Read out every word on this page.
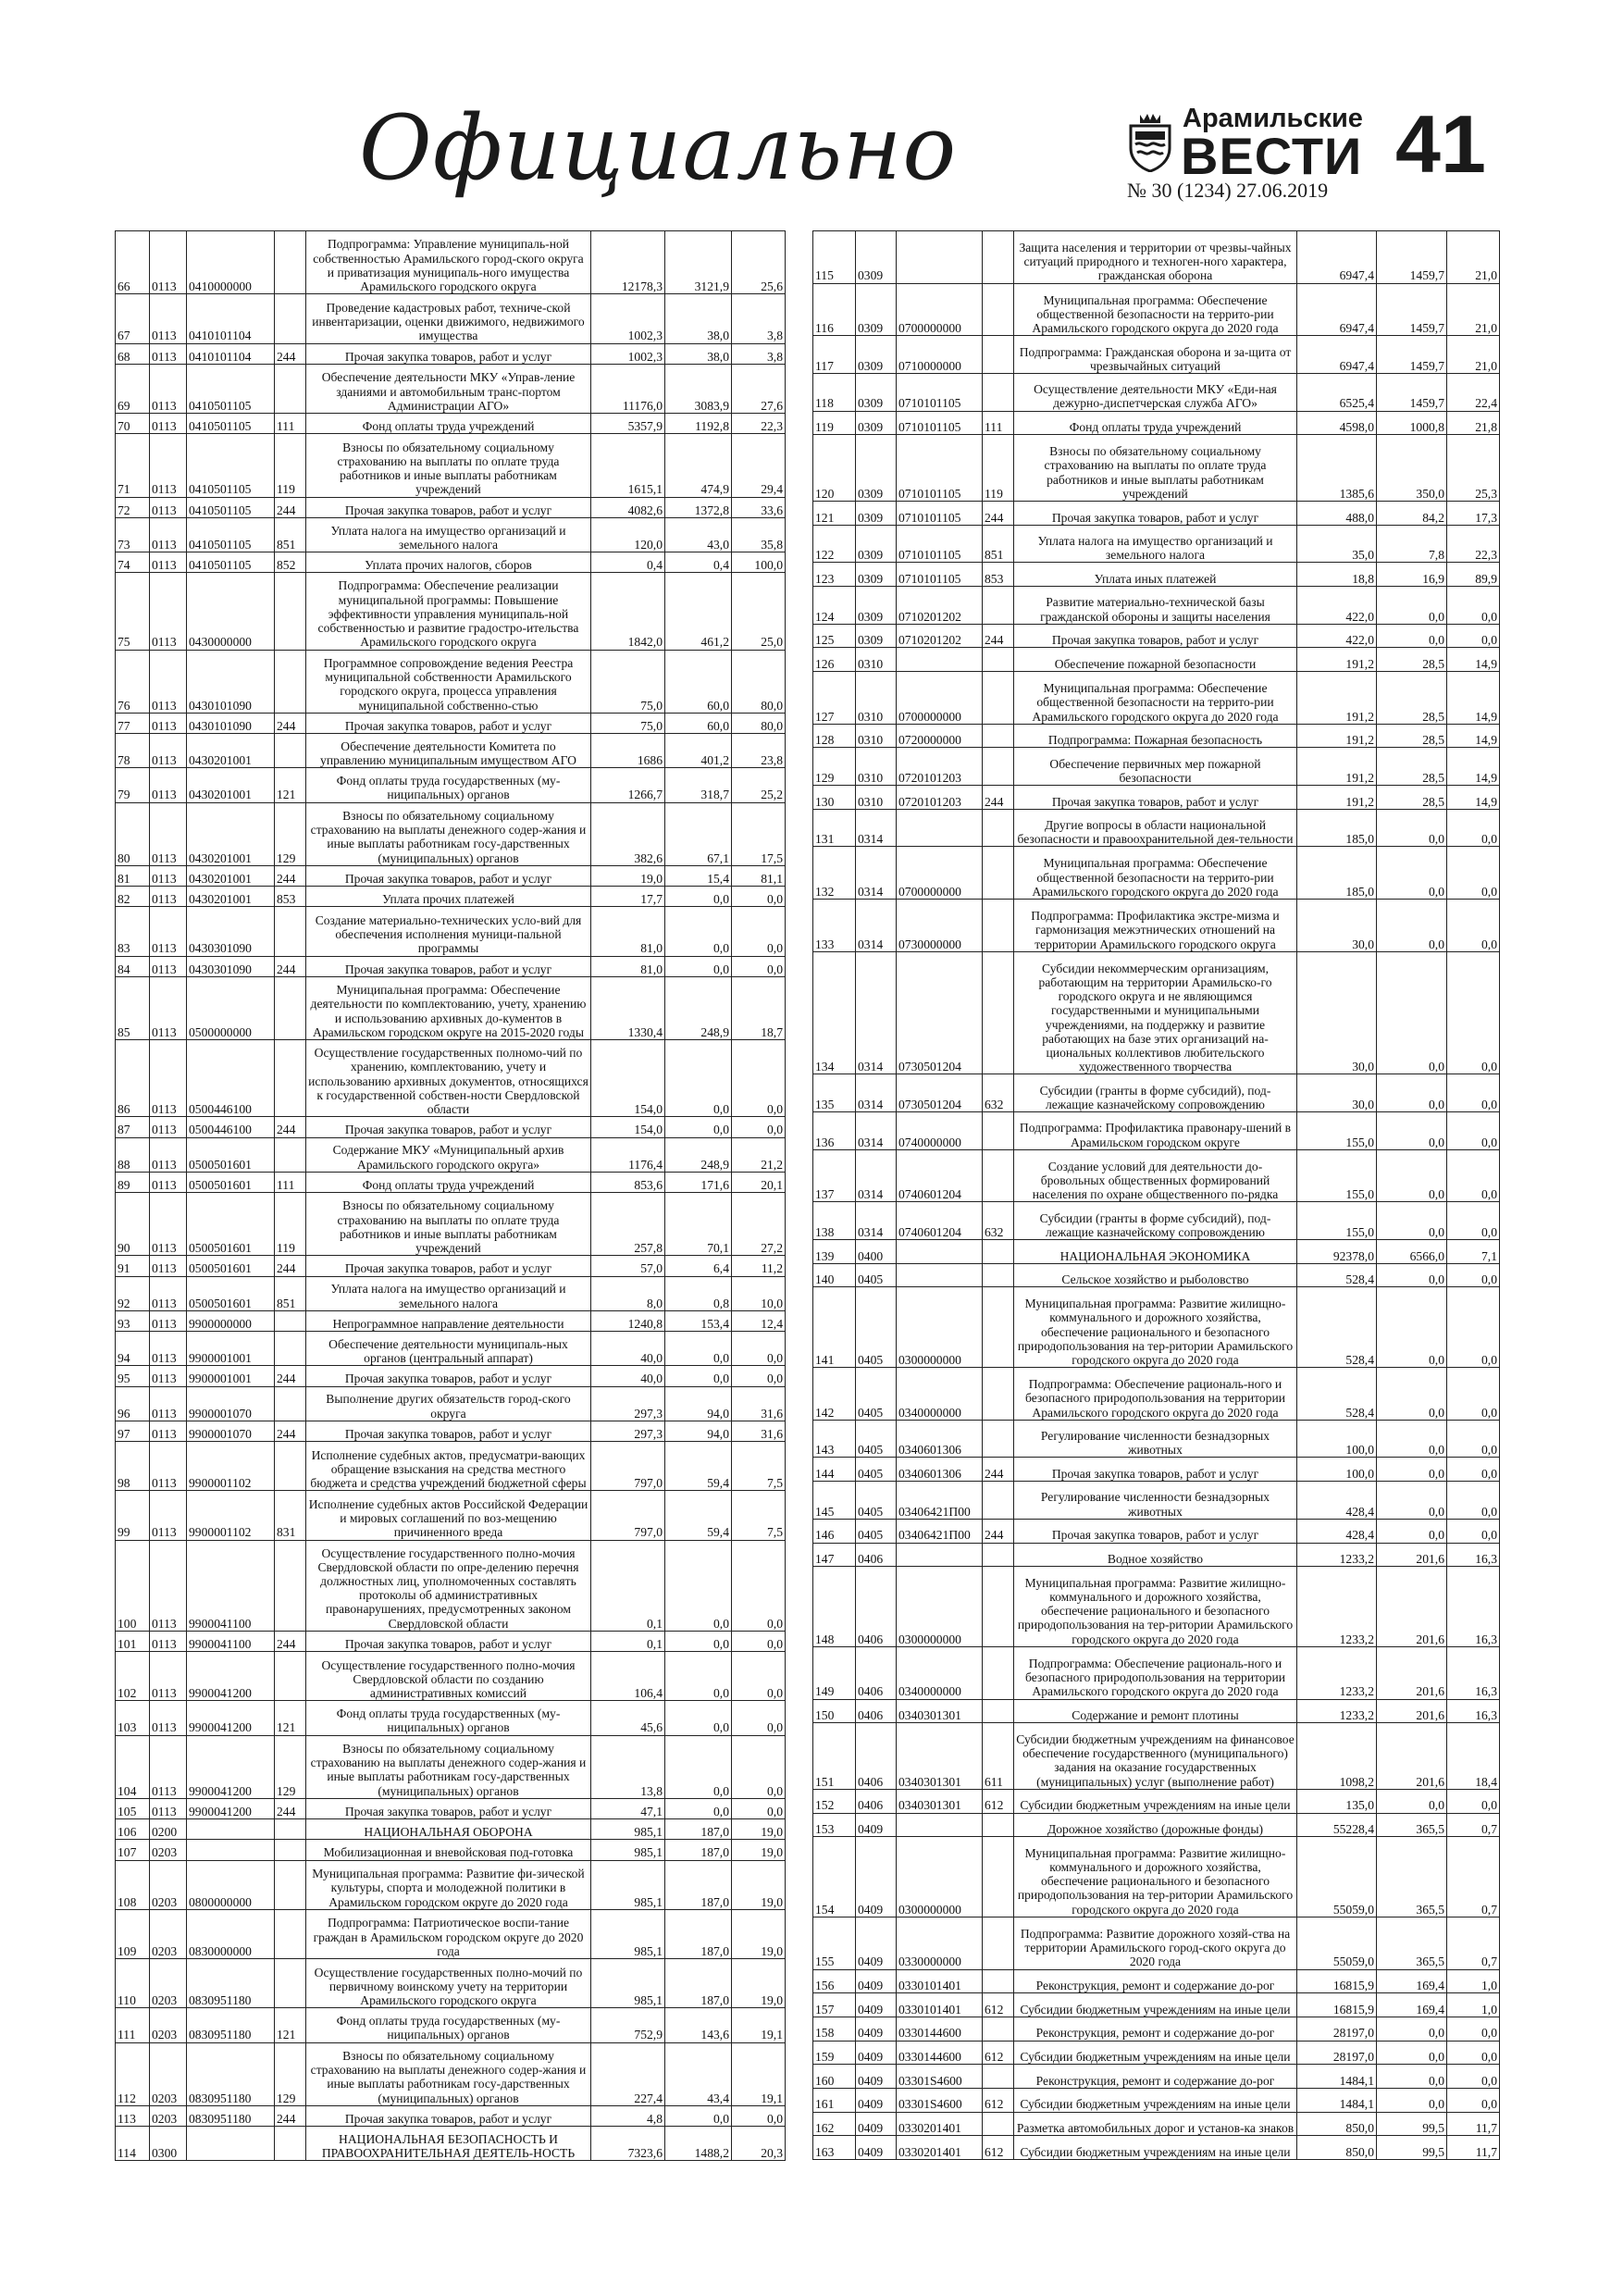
Официально	Арамильские
ВЕСТИ 41
№ 30 (1234) 27.06.2019
66	0113	0410000000		Подпрограмма: Управление муниципаль-ной собственностью Арамильского город-ского округа и приватизация муниципаль-ного имущества Арамильского городского округа	12178,3	3121,9	25,6
67	0113	0410101104		Проведение кадастровых работ, техниче-ской инвентаризации, оценки движимого, недвижимого имущества	1002,3	38,0	3,8
68	0113	0410101104	244	Прочая закупка товаров, работ и услуг	1002,3	38,0	3,8
69	0113	0410501105		Обеспечение деятельности МКУ «Управ-ление зданиями и автомобильным транс-портом Администрации АГО»	11176,0	3083,9	27,6
70	0113	0410501105	111	Фонд оплаты труда учреждений	5357,9	1192,8	22,3
71	0113	0410501105	119	Взносы по обязательному социальному страхованию на выплаты по оплате труда работников и иные выплаты работникам учреждений	1615,1	474,9	29,4
72	0113	0410501105	244	Прочая закупка товаров, работ и услуг	4082,6	1372,8	33,6
73	0113	0410501105	851	Уплата налога на имущество организаций и земельного налога	120,0	43,0	35,8
74	0113	0410501105	852	Уплата прочих налогов, сборов	0,4	0,4	100,0
75	0113	0430000000		Подпрограмма: Обеспечение реализации муниципальной программы: Повышение эффективности управления муниципаль-ной собственностью и развитие градостро-ительства Арамильского городского округа	1842,0	461,2	25,0
76	0113	0430101090		Программное сопровождение ведения Реестра муниципальной собственности Арамильского городского округа, процесса управления муниципальной собственно-стью	75,0	60,0	80,0
77	0113	0430101090	244	Прочая закупка товаров, работ и услуг	75,0	60,0	80,0
78	0113	0430201001		Обеспечение деятельности Комитета по управлению муниципальным имуществом АГО	1686	401,2	23,8
79	0113	0430201001	121	Фонд оплаты труда государственных (му-ниципальных) органов	1266,7	318,7	25,2
80	0113	0430201001	129	Взносы по обязательному социальному страхованию на выплаты денежного содер-жания и иные выплаты работникам госу-дарственных (муниципальных) органов	382,6	67,1	17,5
81	0113	0430201001	244	Прочая закупка товаров, работ и услуг	19,0	15,4	81,1
82	0113	0430201001	853	Уплата прочих платежей	17,7	0,0	0,0
83	0113	0430301090		Создание материально-технических усло-вий для обеспечения исполнения муници-пальной программы	81,0	0,0	0,0
84	0113	0430301090	244	Прочая закупка товаров, работ и услуг	81,0	0,0	0,0
85	0113	0500000000		Муниципальная программа: Обеспечение деятельности по комплектованию, учету, хранению и использованию архивных до-кументов в Арамильском городском округе на 2015-2020 годы	1330,4	248,9	18,7
86	0113	0500446100		Осуществление государственных полномо-чий по хранению, комплектованию, учету и использованию архивных документов, относящихся к государственной собствен-ности Свердловской области	154,0	0,0	0,0
87	0113	0500446100	244	Прочая закупка товаров, работ и услуг	154,0	0,0	0,0
88	0113	0500501601		Содержание МКУ «Муниципальный архив Арамильского городского округа»	1176,4	248,9	21,2
89	0113	0500501601	111	Фонд оплаты труда учреждений	853,6	171,6	20,1
90	0113	0500501601	119	Взносы по обязательному социальному страхованию на выплаты по оплате труда работников и иные выплаты работникам учреждений	257,8	70,1	27,2
91	0113	0500501601	244	Прочая закупка товаров, работ и услуг	57,0	6,4	11,2
92	0113	0500501601	851	Уплата налога на имущество организаций и земельного налога	8,0	0,8	10,0
93	0113	9900000000		Непрограммное направление деятельности	1240,8	153,4	12,4
94	0113	9900001001		Обеспечение деятельности муниципаль-ных органов (центральный аппарат)	40,0	0,0	0,0
95	0113	9900001001	244	Прочая закупка товаров, работ и услуг	40,0	0,0	0,0
96	0113	9900001070		Выполнение других обязательств город-ского округа	297,3	94,0	31,6
97	0113	9900001070	244	Прочая закупка товаров, работ и услуг	297,3	94,0	31,6
98	0113	9900001102		Исполнение судебных актов, предусматри-вающих обращение взыскания на средства местного бюджета и средства учреждений бюджетной сферы	797,0	59,4	7,5
99	0113	9900001102	831	Исполнение судебных актов Российской Федерации и мировых соглашений по воз-мещению причиненного вреда	797,0	59,4	7,5
100	0113	9900041100		Осуществление государственного полно-мочия Свердловской области по опре-делению перечня должностных лиц, уполномоченных составлять протоколы об административных правонарушениях, предусмотренных законом Свердловской области	0,1	0,0	0,0
101	0113	9900041100	244	Прочая закупка товаров, работ и услуг	0,1	0,0	0,0
102	0113	9900041200		Осуществление государственного полно-мочия Свердловской области по созданию административных комиссий	106,4	0,0	0,0
103	0113	9900041200	121	Фонд оплаты труда государственных (му-ниципальных) органов	45,6	0,0	0,0
104	0113	9900041200	129	Взносы по обязательному социальному страхованию на выплаты денежного содер-жания и иные выплаты работникам госу-дарственных (муниципальных) органов	13,8	0,0	0,0
105	0113	9900041200	244	Прочая закупка товаров, работ и услуг	47,1	0,0	0,0
106	0200			НАЦИОНАЛЬНАЯ ОБОРОНА	985,1	187,0	19,0
107	0203			Мобилизационная и вневойсковая под-готовка	985,1	187,0	19,0
108	0203	0800000000		Муниципальная программа: Развитие фи-зической культуры, спорта и молодежной политики в Арамильском городском округе до 2020 года	985,1	187,0	19,0
109	0203	0830000000		Подпрограмма: Патриотическое воспи-тание граждан в Арамильском городском округе до 2020 года	985,1	187,0	19,0
110	0203	0830951180		Осуществление государственных полно-мочий по первичному воинскому учету на территории Арамильского городского округа	985,1	187,0	19,0
111	0203	0830951180	121	Фонд оплаты труда государственных (му-ниципальных) органов	752,9	143,6	19,1
112	0203	0830951180	129	Взносы по обязательному социальному страхованию на выплаты денежного содер-жания и иные выплаты работникам госу-дарственных (муниципальных) органов	227,4	43,4	19,1
113	0203	0830951180	244	Прочая закупка товаров, работ и услуг	4,8	0,0	0,0
114	0300			НАЦИОНАЛЬНАЯ БЕЗОПАСНОСТЬ И ПРАВООХРАНИТЕЛЬНАЯ ДЕЯТЕЛЬ-НОСТЬ	7323,6	1488,2	20,3
115	0309			Защита населения и территории от чрезвы-чайных ситуаций природного и техноген-ного характера, гражданская оборона	6947,4	1459,7	21,0
116	0309	0700000000		Муниципальная программа: Обеспечение общественной безопасности на террито-рии Арамильского городского округа до 2020 года	6947,4	1459,7	21,0
117	0309	0710000000		Подпрограмма: Гражданская оборона и за-щита от чрезвычайных ситуаций	6947,4	1459,7	21,0
118	0309	0710101105		Осуществление деятельности МКУ «Еди-ная дежурно-диспетчерская служба АГО»	6525,4	1459,7	22,4
119	0309	0710101105	111	Фонд оплаты труда учреждений	4598,0	1000,8	21,8
120	0309	0710101105	119	Взносы по обязательному социальному страхованию на выплаты по оплате труда работников и иные выплаты работникам учреждений	1385,6	350,0	25,3
121	0309	0710101105	244	Прочая закупка товаров, работ и услуг	488,0	84,2	17,3
122	0309	0710101105	851	Уплата налога на имущество организаций и земельного налога	35,0	7,8	22,3
123	0309	0710101105	853	Уплата иных платежей	18,8	16,9	89,9
124	0309	0710201202		Развитие материально-технической базы гражданской обороны и защиты населения	422,0	0,0	0,0
125	0309	0710201202	244	Прочая закупка товаров, работ и услуг	422,0	0,0	0,0
126	0310			Обеспечение пожарной безопасности	191,2	28,5	14,9
127	0310	0700000000		Муниципальная программа: Обеспечение общественной безопасности на террито-рии Арамильского городского округа до 2020 года	191,2	28,5	14,9
128	0310	0720000000		Подпрограмма: Пожарная безопасность	191,2	28,5	14,9
129	0310	0720101203		Обеспечение первичных мер пожарной безопасности	191,2	28,5	14,9
130	0310	0720101203	244	Прочая закупка товаров, работ и услуг	191,2	28,5	14,9
131	0314			Другие вопросы в области национальной безопасности и правоохранительной дея-тельности	185,0	0,0	0,0
132	0314	0700000000		Муниципальная программа: Обеспечение общественной безопасности на террито-рии Арамильского городского округа до 2020 года	185,0	0,0	0,0
133	0314	0730000000		Подпрограмма: Профилактика экстре-мизма и гармонизация межэтнических отношений на территории Арамильского городского округа	30,0	0,0	0,0
134	0314	0730501204		Субсидии некоммерческим организациям, работающим на территории Арамильско-го городского округа и не являющимся государственными и муниципальными учреждениями, на поддержку и развитие работающих на базе этих организаций на-циональных коллективов любительского художественного творчества	30,0	0,0	0,0
135	0314	0730501204	632	Субсидии (гранты в форме субсидий), под-лежащие казначейскому сопровождению	30,0	0,0	0,0
136	0314	0740000000		Подпрограмма: Профилактика правонару-шений в Арамильском городском округе	155,0	0,0	0,0
137	0314	0740601204		Создание условий для деятельности до-бровольных общественных формирований населения по охране общественного по-рядка	155,0	0,0	0,0
138	0314	0740601204	632	Субсидии (гранты в форме субсидий), под-лежащие казначейскому сопровождению	155,0	0,0	0,0
139	0400			НАЦИОНАЛЬНАЯ ЭКОНОМИКА	92378,0	6566,0	7,1
140	0405			Сельское хозяйство и рыболовство	528,4	0,0	0,0
141	0405	0300000000		Муниципальная программа: Развитие жилищно-коммунального и дорожного хозяйства, обеспечение рационального и безопасного природопользования на тер-ритории Арамильского городского округа до 2020 года	528,4	0,0	0,0
142	0405	0340000000		Подпрограмма: Обеспечение рациональ-ного и безопасного природопользования на территории Арамильского городского округа до 2020 года	528,4	0,0	0,0
143	0405	0340601306		Регулирование численности безнадзорных животных	100,0	0,0	0,0
144	0405	0340601306	244	Прочая закупка товаров, работ и услуг	100,0	0,0	0,0
145	0405	03406421П00		Регулирование численности безнадзорных животных	428,4	0,0	0,0
146	0405	03406421П00	244	Прочая закупка товаров, работ и услуг	428,4	0,0	0,0
147	0406			Водное хозяйство	1233,2	201,6	16,3
148	0406	0300000000		Муниципальная программа: Развитие жилищно-коммунального и дорожного хозяйства, обеспечение рационального и безопасного природопользования на тер-ритории Арамильского городского округа до 2020 года	1233,2	201,6	16,3
149	0406	0340000000		Подпрограмма: Обеспечение рациональ-ного и безопасного природопользования на территории Арамильского городского округа до 2020 года	1233,2	201,6	16,3
150	0406	0340301301		Содержание и ремонт плотины	1233,2	201,6	16,3
151	0406	0340301301	611	Субсидии бюджетным учреждениям на финансовое обеспечение государственного (муниципального) задания на оказание государственных (муниципальных) услуг (выполнение работ)	1098,2	201,6	18,4
152	0406	0340301301	612	Субсидии бюджетным учреждениям на иные цели	135,0	0,0	0,0
153	0409			Дорожное хозяйство (дорожные фонды)	55228,4	365,5	0,7
154	0409	0300000000		Муниципальная программа: Развитие жилищно-коммунального и дорожного хозяйства, обеспечение рационального и безопасного природопользования на тер-ритории Арамильского городского округа до 2020 года	55059,0	365,5	0,7
155	0409	0330000000		Подпрограмма: Развитие дорожного хозяй-ства на территории Арамильского город-ского округа до 2020 года	55059,0	365,5	0,7
156	0409	0330101401		Реконструкция, ремонт и содержание до-рог	16815,9	169,4	1,0
157	0409	0330101401	612	Субсидии бюджетным учреждениям на иные цели	16815,9	169,4	1,0
158	0409	0330144600		Реконструкция, ремонт и содержание до-рог	28197,0	0,0	0,0
159	0409	0330144600	612	Субсидии бюджетным учреждениям на иные цели	28197,0	0,0	0,0
160	0409	03301S4600		Реконструкция, ремонт и содержание до-рог	1484,1	0,0	0,0
161	0409	03301S4600	612	Субсидии бюджетным учреждениям на иные цели	1484,1	0,0	0,0
162	0409	0330201401		Разметка автомобильных дорог и установ-ка знаков	850,0	99,5	11,7
163	0409	0330201401	612	Субсидии бюджетным учреждениям на иные цели	850,0	99,5	11,7
